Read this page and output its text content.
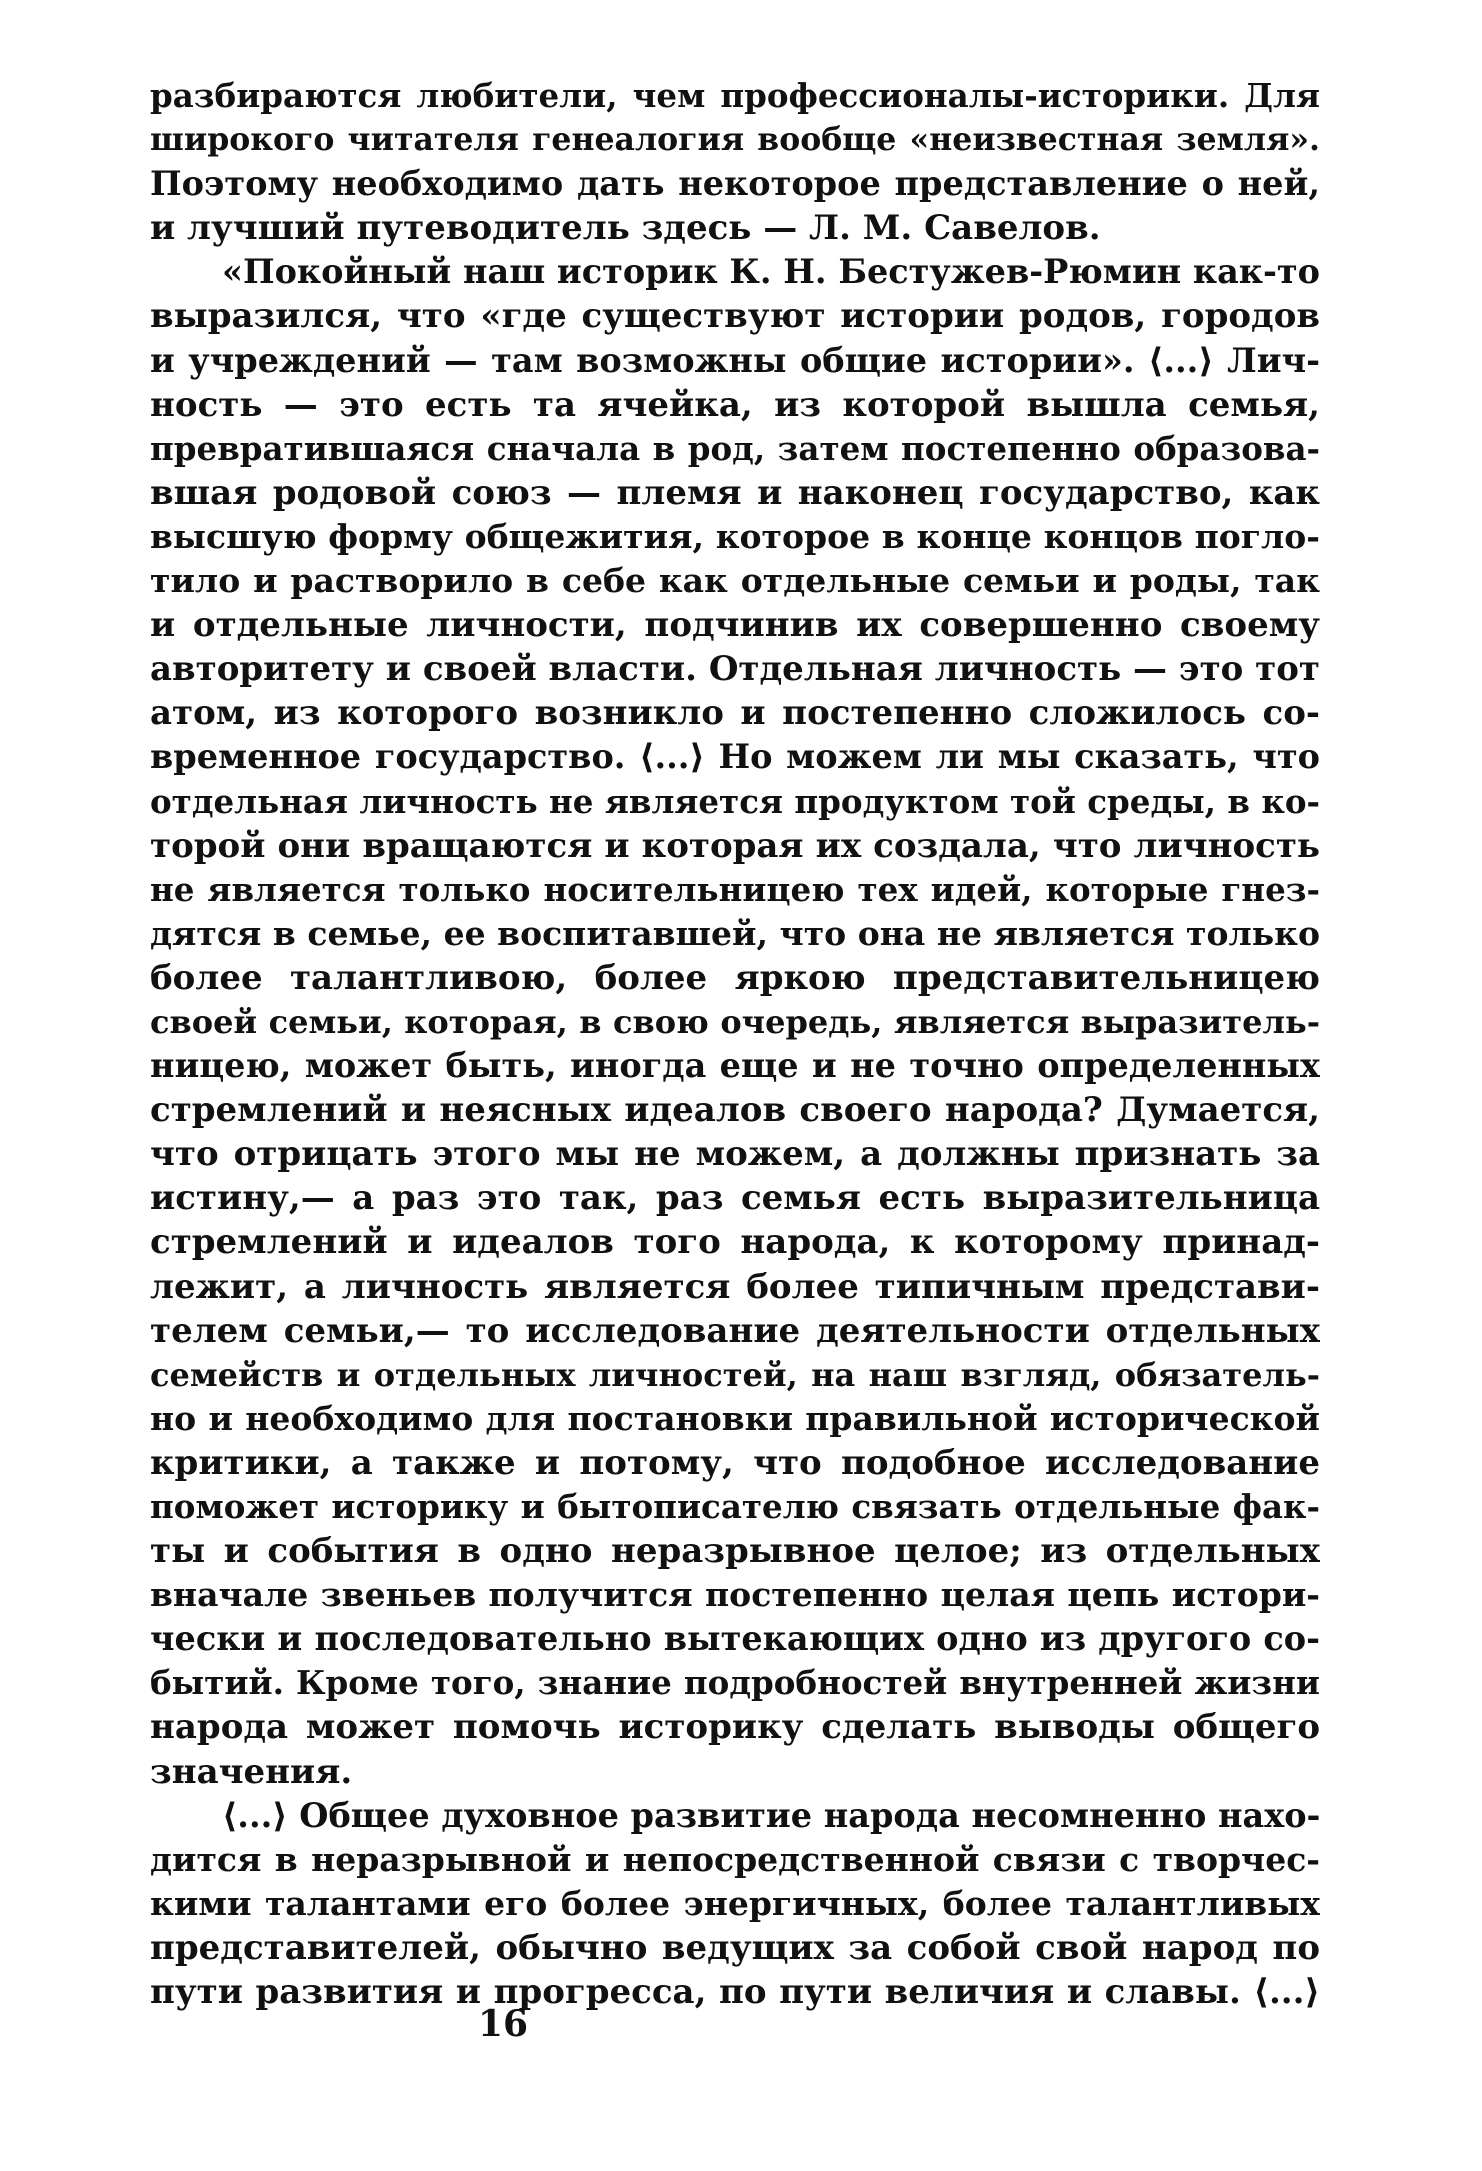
разбираются любители, чем профессионалы-историки. Для
широкого читателя генеалогия вообще «неизвестная земля».
Поэтому необходимо дать некоторое представление о ней,
и лучший путеводитель здесь — Л. М. Савелов.
«Покойный наш историк К. Н. Бестужев-Рюмин как-то
выразился, что «где существуют истории родов, городов
и учреждений — там возможны общие истории». ⟨...⟩ Лич-
ность — это есть та ячейка, из которой вышла семья,
превратившаяся сначала в род, затем постепенно образова-
вшая родовой союз — племя и наконец государство, как
высшую форму общежития, которое в конце концов погло-
тило и растворило в себе как отдельные семьи и роды, так
и отдельные личности, подчинив их совершенно своему
авторитету и своей власти. Отдельная личность — это тот
атом, из которого возникло и постепенно сложилось со-
временное государство. ⟨...⟩ Но можем ли мы сказать, что
отдельная личность не является продуктом той среды, в ко-
торой они вращаются и которая их создала, что личность
не является только носительницею тех идей, которые гнез-
дятся в семье, ее воспитавшей, что она не является только
более талантливою, более яркою представительницею
своей семьи, которая, в свою очередь, является выразитель-
ницею, может быть, иногда еще и не точно определенных
стремлений и неясных идеалов своего народа? Думается,
что отрицать этого мы не можем, а должны признать за
истину,— а раз это так, раз семья есть выразительница
стремлений и идеалов того народа, к которому принад-
лежит, а личность является более типичным представи-
телем семьи,— то исследование деятельности отдельных
семейств и отдельных личностей, на наш взгляд, обязатель-
но и необходимо для постановки правильной исторической
критики, а также и потому, что подобное исследование
поможет историку и бытописателю связать отдельные фак-
ты и события в одно неразрывное целое; из отдельных
вначале звеньев получится постепенно целая цепь истори-
чески и последовательно вытекающих одно из другого со-
бытий. Кроме того, знание подробностей внутренней жизни
народа может помочь историку сделать выводы общего
значения.
⟨...⟩ Общее духовное развитие народа несомненно нахо-
дится в неразрывной и непосредственной связи с творчес-
кими талантами его более энергичных, более талантливых
представителей, обычно ведущих за собой свой народ по
пути развития и прогресса, по пути величия и славы. ⟨...⟩
16
